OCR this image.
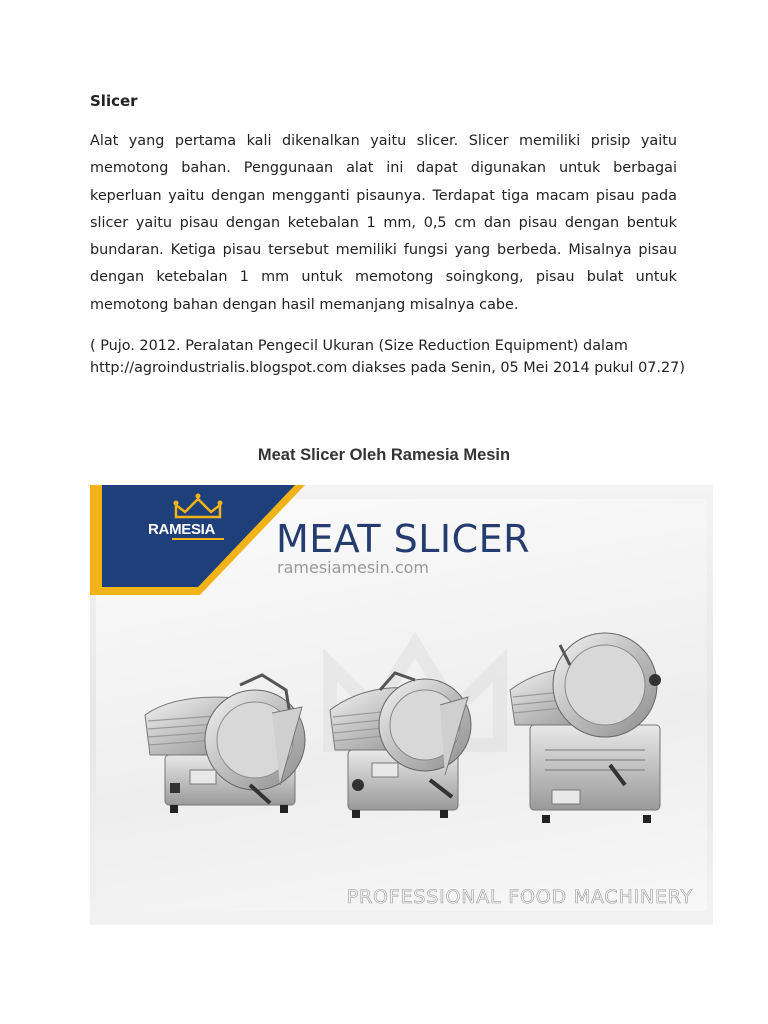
Slicer
Alat yang pertama kali dikenalkan yaitu slicer. Slicer memiliki prisip yaitu memotong bahan. Penggunaan alat ini dapat digunakan untuk berbagai keperluan yaitu dengan mengganti pisaunya. Terdapat tiga macam pisau pada slicer yaitu pisau dengan ketebalan 1 mm, 0,5 cm dan pisau dengan bentuk bundaran. Ketiga pisau tersebut memiliki fungsi yang berbeda. Misalnya pisau dengan ketebalan 1 mm untuk memotong soingkong, pisau bulat untuk memotong bahan dengan hasil memanjang misalnya cabe.
( Pujo. 2012. Peralatan Pengecil Ukuran (Size Reduction Equipment) dalam http://agroindustrialis.blogspot.com diakses pada Senin, 05 Mei 2014 pukul 07.27)
Meat Slicer Oleh Ramesia Mesin
RAMESIA MEAT SLICER
ramesiamesin.com
PROFESSIONAL FOOD MACHINERY
